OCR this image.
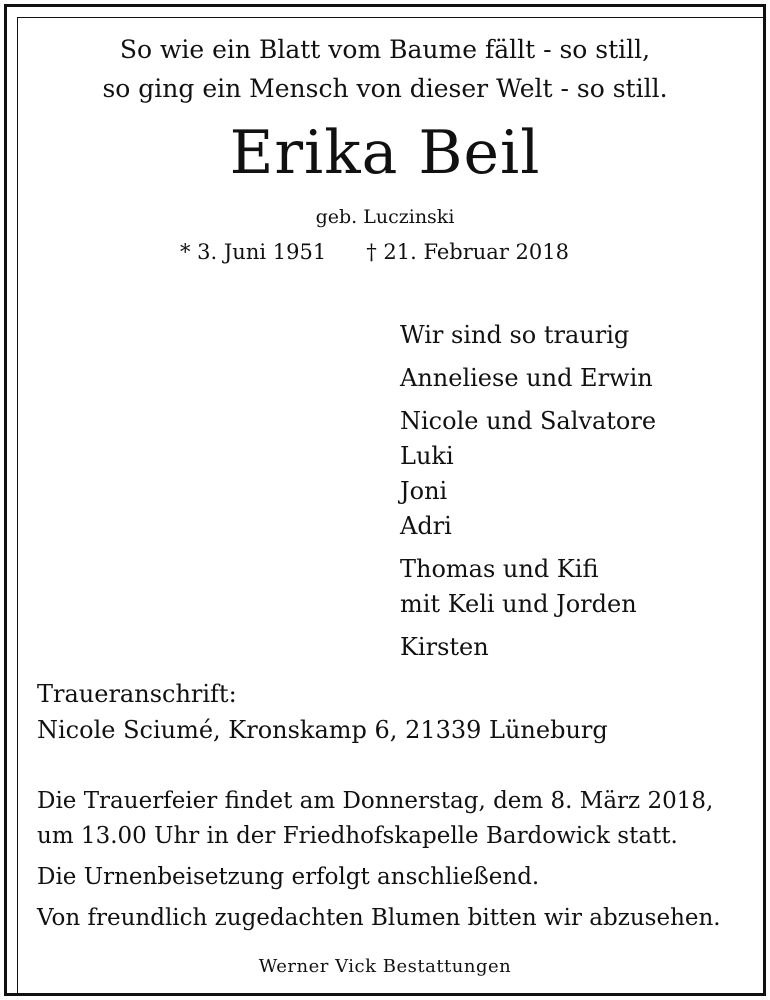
So wie ein Blatt vom Baume fällt - so still,
so ging ein Mensch von dieser Welt - so still.
Erika Beil
geb. Luczinski
* 3. Juni 1951 † 21. Februar 2018
Wir sind so traurig
Anneliese und Erwin
Nicole und Salvatore
Luki
Joni
Adri
Thomas und Kifi
mit Keli und Jorden
Kirsten
Traueranschrift:
Nicole Sciumé, Kronskamp 6, 21339 Lüneburg
Die Trauerfeier findet am Donnerstag, dem 8. März 2018,
um 13.00 Uhr in der Friedhofskapelle Bardowick statt.
Die Urnenbeisetzung erfolgt anschließend.
Von freundlich zugedachten Blumen bitten wir abzusehen.
Werner Vick Bestattungen
